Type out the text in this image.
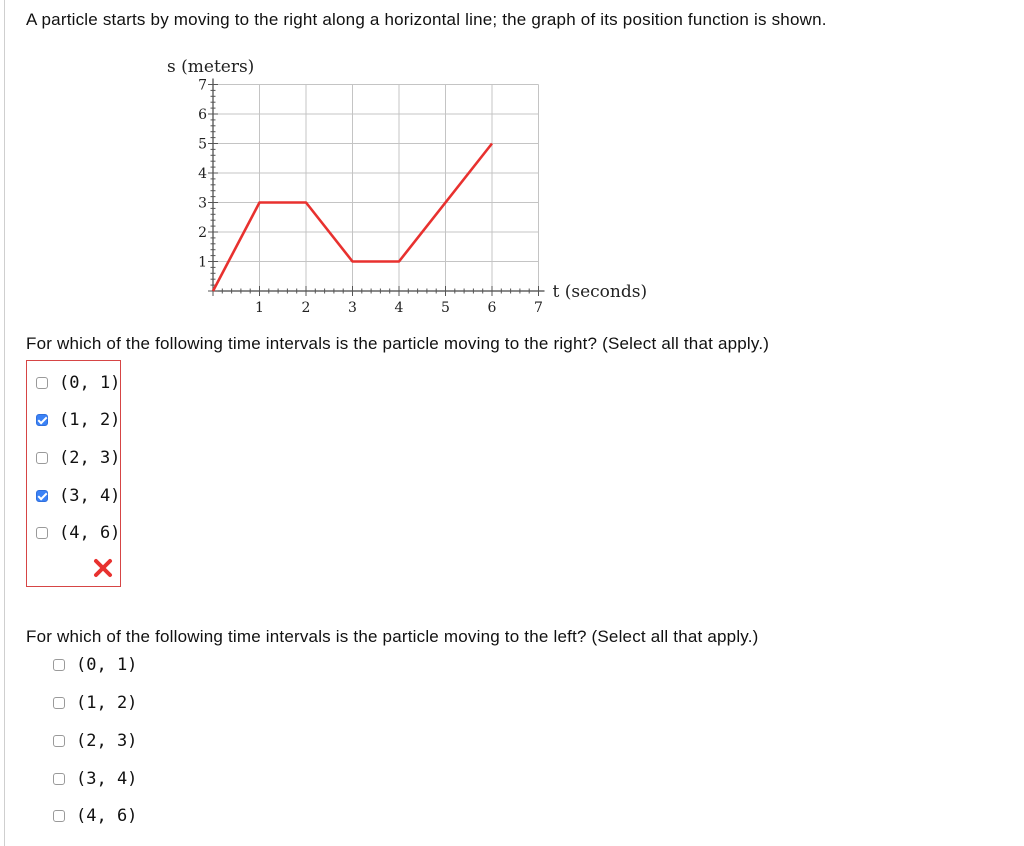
A particle starts by moving to the right along a horizontal line; the graph of its position function is shown.
1	2	3	4	5	6	7
1
2
3
4
5
6
7
s (meters)
t (seconds)
For which of the following time intervals is the particle moving to the right? (Select all that apply.)
(0, 1)
(1, 2)
(2, 3)
(3, 4)
(4, 6)
For which of the following time intervals is the particle moving to the left? (Select all that apply.)
(0, 1)
(1, 2)
(2, 3)
(3, 4)
(4, 6)
